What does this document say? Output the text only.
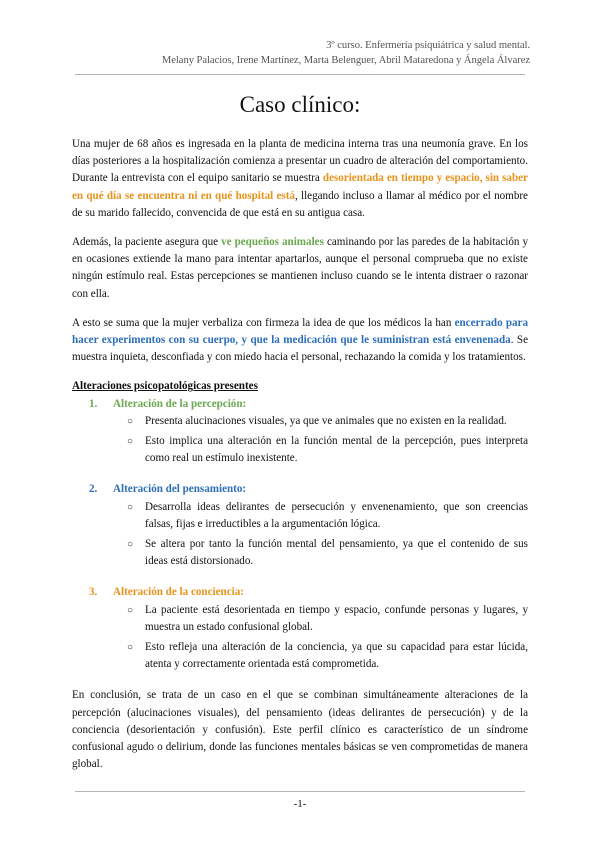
3º curso. Enfermería psiquiátrica y salud mental.
Melany Palacios, Irene Martínez, Marta Belenguer, Abril Mataredona y Ángela Álvarez
Caso clínico:

Una mujer de 68 años es ingresada en la planta de medicina interna tras una neumonía grave. En los días posteriores a la hospitalización comienza a presentar un cuadro de alteración del comportamiento. Durante la entrevista con el equipo sanitario se muestra desorientada en tiempo y espacio, sin saber en qué día se encuentra ni en qué hospital está, llegando incluso a llamar al médico por el nombre de su marido fallecido, convencida de que está en su antigua casa.

Además, la paciente asegura que ve pequeños animales caminando por las paredes de la habitación y en ocasiones extiende la mano para intentar apartarlos, aunque el personal comprueba que no existe ningún estímulo real. Estas percepciones se mantienen incluso cuando se le intenta distraer o razonar con ella.

A esto se suma que la mujer verbaliza con firmeza la idea de que los médicos la han encerrado para hacer experimentos con su cuerpo, y que la medicación que le suministran está envenenada. Se muestra inquieta, desconfiada y con miedo hacia el personal, rechazando la comida y los tratamientos.

Alteraciones psicopatológicas presentes
1.	Alteración de la percepción:
○	Presenta alucinaciones visuales, ya que ve animales que no existen en la realidad.
○	Esto implica una alteración en la función mental de la percepción, pues interpreta como real un estímulo inexistente.
2.	Alteración del pensamiento:
○	Desarrolla ideas delirantes de persecución y envenenamiento, que son creencias falsas, fijas e irreductibles a la argumentación lógica.
○	Se altera por tanto la función mental del pensamiento, ya que el contenido de sus ideas está distorsionado.
3.	Alteración de la conciencia:
○	La paciente está desorientada en tiempo y espacio, confunde personas y lugares, y muestra un estado confusional global.
○	Esto refleja una alteración de la conciencia, ya que su capacidad para estar lúcida, atenta y correctamente orientada está comprometida.

En conclusión, se trata de un caso en el que se combinan simultáneamente alteraciones de la percepción (alucinaciones visuales), del pensamiento (ideas delirantes de persecución) y de la conciencia (desorientación y confusión). Este perfil clínico es característico de un síndrome confusional agudo o delirium, donde las funciones mentales básicas se ven comprometidas de manera global.

-1-
